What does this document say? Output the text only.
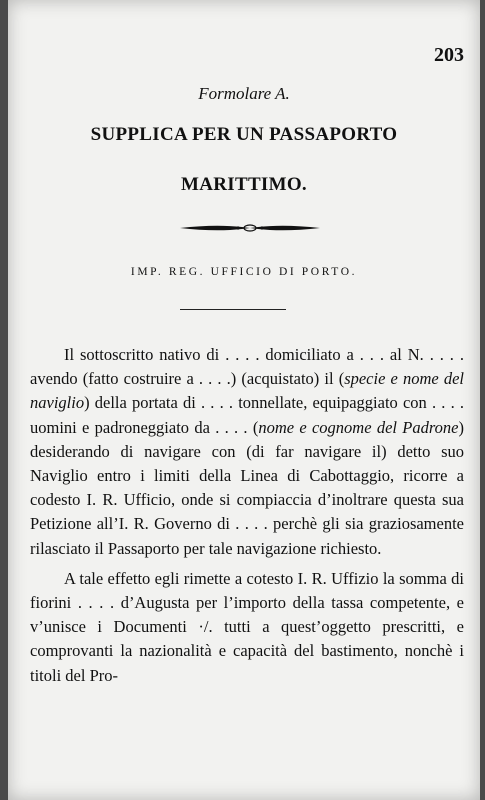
203
Formolare A.
SUPPLICA PER UN PASSAPORTO
MARITTIMO.
IMP. REG. UFFICIO DI PORTO.

Il sottoscritto nativo di . . . . domiciliato a . . . al N. . . . . avendo (fatto costruire a . . . .) (acquistato) il (specie e nome del naviglio) della portata di . . . . tonnellate, equipaggiato con . . . . uomini e padroneggiato da . . . . (nome e cognome del Padrone) desiderando di navigare con (di far navigare il) detto suo Naviglio entro i limiti della Linea di Cabottaggio, ricorre a codesto I. R. Ufficio, onde si compiaccia d’inoltrare questa sua Petizione all’I. R. Governo di . . . . perchè gli sia graziosamente rilasciato il Passaporto per tale navigazione richiesto.

A tale effetto egli rimette a cotesto I. R. Uffizio la somma di fiorini . . . . d’Augusta per l’importo della tassa competente, e v’unisce i Documenti ·/. tutti a quest’oggetto prescritti, e comprovanti la nazionalità e capacità del bastimento, nonchè i titoli del Pro-
